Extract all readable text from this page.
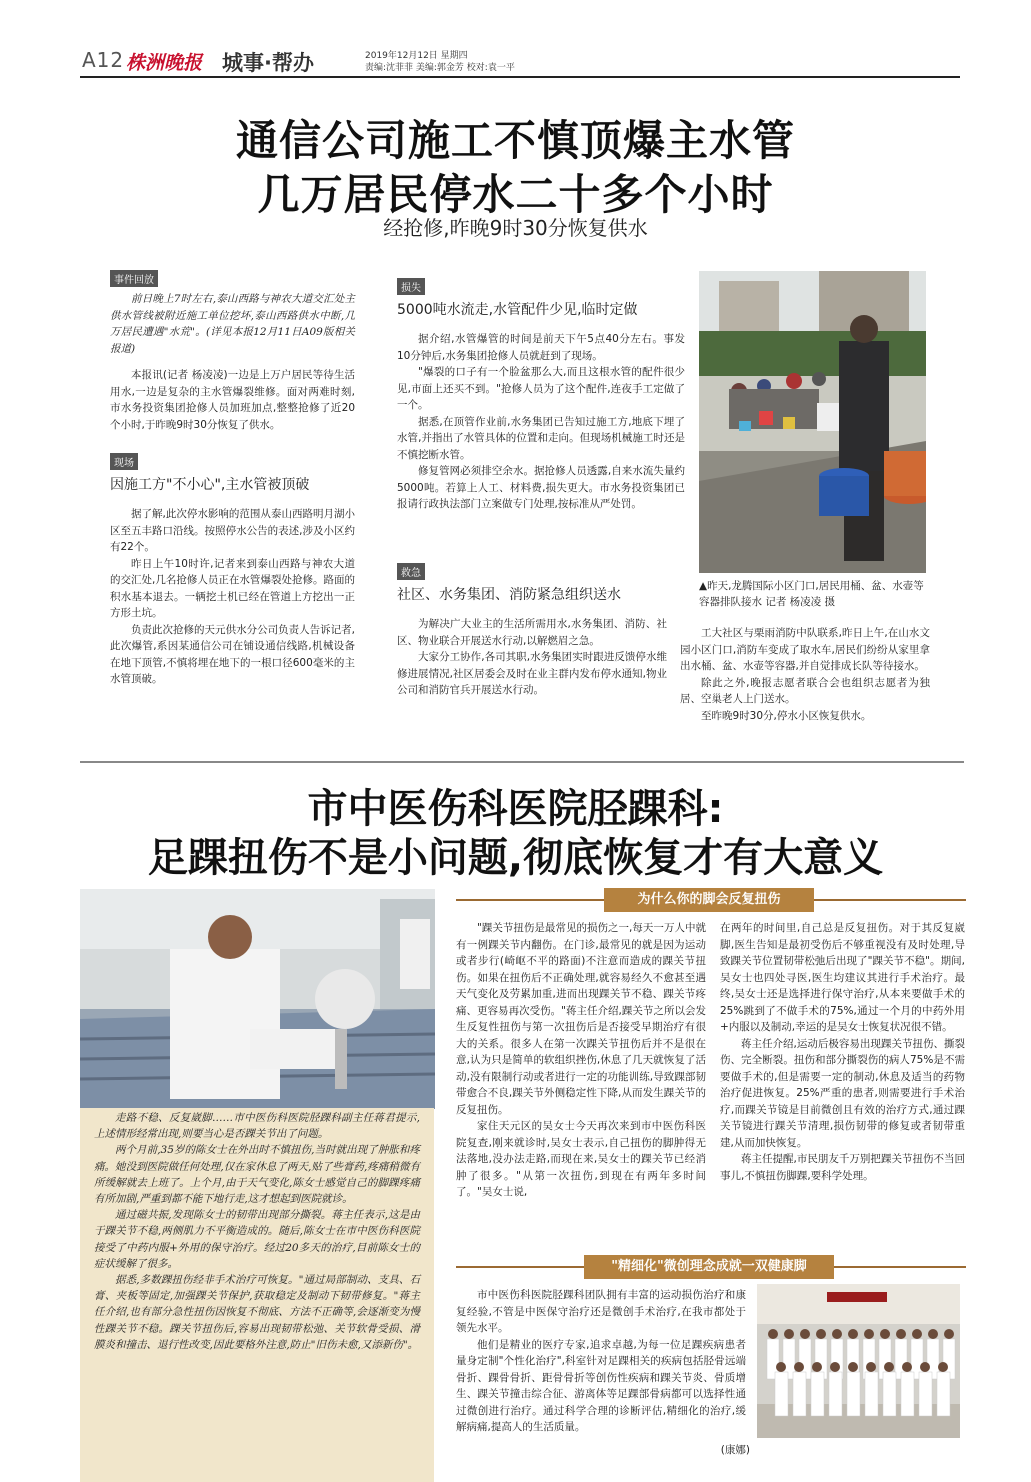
A12 株洲晚报 城事·帮办	2019年12月12日 星期四
责编:沈菲菲 美编:郭金芳 校对:袁一平
通信公司施工不慎顶爆主水管
几万居民停水二十多个小时
经抢修,昨晚9时30分恢复供水
事件回放
前日晚上7时左右,泰山西路与神农大道交汇处主供水管线被附近施工单位挖坏,泰山西路供水中断,几万居民遭遇"水荒"。(详见本报12月11日A09版相关报道)

本报讯(记者 杨凌凌)一边是上万户居民等待生活用水,一边是复杂的主水管爆裂维修。面对两难时刻,市水务投资集团抢修人员加班加点,整整抢修了近20个小时,于昨晚9时30分恢复了供水。

现场
因施工方"不小心",主水管被顶破

据了解,此次停水影响的范围从泰山西路明月湖小区至五丰路口沿线。按照停水公告的表述,涉及小区约有22个。

昨日上午10时许,记者来到泰山西路与神农大道的交汇处,几名抢修人员正在水管爆裂处抢修。路面的积水基本退去。一辆挖土机已经在管道上方挖出一正方形土坑。

负责此次抢修的天元供水分公司负责人告诉记者,此次爆管,系因某通信公司在铺设通信线路,机械设备在地下顶管,不慎将埋在地下的一根口径600毫米的主水管顶破。

损失
5000吨水流走,水管配件少见,临时定做

据介绍,水管爆管的时间是前天下午5点40分左右。事发10分钟后,水务集团抢修人员就赶到了现场。

"爆裂的口子有一个脸盆那么大,而且这根水管的配件很少见,市面上还买不到。"抢修人员为了这个配件,连夜手工定做了一个。

据悉,在顶管作业前,水务集团已告知过施工方,地底下埋了水管,并指出了水管具体的位置和走向。但现场机械施工时还是不慎挖断水管。

修复管网必须排空余水。据抢修人员透露,自来水流失量约5000吨。若算上人工、材料费,损失更大。市水务投资集团已报请行政执法部门立案做专门处理,按标准从严处罚。

救急
社区、水务集团、消防紧急组织送水

为解决广大业主的生活所需用水,水务集团、消防、社区、物业联合开展送水行动,以解燃眉之急。

大家分工协作,各司其职,水务集团实时跟进反馈停水维修进展情况,社区居委会及时在业主群内发布停水通知,物业公司和消防官兵开展送水行动。

工大社区与栗雨消防中队联系,昨日上午,在山水文园小区门口,消防车变成了取水车,居民们纷纷从家里拿出水桶、盆、水壶等容器,并自觉排成长队等待接水。

除此之外,晚报志愿者联合会也组织志愿者为独居、空巢老人上门送水。

至昨晚9时30分,停水小区恢复供水。

▲昨天,龙腾国际小区门口,居民用桶、盆、水壶等容器排队接水 记者 杨凌凌 摄
市中医伤科医院胫踝科:
足踝扭伤不是小问题,彻底恢复才有大意义

走路不稳、反复崴脚……市中医伤科医院胫踝科副主任蒋君提示,上述情形经常出现,则要当心是否踝关节出了问题。

两个月前,35岁的陈女士在外出时不慎扭伤,当时就出现了肿胀和疼痛。她没到医院做任何处理,仅在家休息了两天,贴了些膏药,疼痛稍微有所缓解就去上班了。上个月,由于天气变化,陈女士感觉自己的脚踝疼痛有所加剧,严重到都不能下地行走,这才想起到医院就诊。

通过磁共振,发现陈女士的韧带出现部分撕裂。蒋主任表示,这是由于踝关节不稳,两侧肌力不平衡造成的。随后,陈女士在市中医伤科医院接受了中药内服+外用的保守治疗。经过20多天的治疗,目前陈女士的症状缓解了很多。

据悉,多数踝扭伤经非手术治疗可恢复。"通过局部制动、支具、石膏、夹板等固定,加强踝关节保护,获取稳定及制动下韧带修复。"蒋主任介绍,也有部分急性扭伤因恢复不彻底、方法不正确等,会逐渐变为慢性踝关节不稳。踝关节扭伤后,容易出现韧带松弛、关节软骨受损、滑膜炎和撞击、退行性改变,因此要格外注意,防止"旧伤未愈,又添新伤"。

为什么你的脚会反复扭伤

"踝关节扭伤是最常见的损伤之一,每天一万人中就有一例踝关节内翻伤。在门诊,最常见的就是因为运动或者步行(崎岖不平的路面)不注意而造成的踝关节扭伤。如果在扭伤后不正确处理,就容易经久不愈甚至遇天气变化及劳累加重,进而出现踝关节不稳、踝关节疼痛、更容易再次受伤。"蒋主任介绍,踝关节之所以会发生反复性扭伤与第一次扭伤后是否接受早期治疗有很大的关系。很多人在第一次踝关节扭伤后并不是很在意,认为只是简单的软组织挫伤,休息了几天就恢复了活动,没有限制行动或者进行一定的功能训练,导致踝部韧带愈合不良,踝关节外侧稳定性下降,从而发生踝关节的反复扭伤。

家住天元区的吴女士今天再次来到市中医伤科医院复查,刚来就诊时,吴女士表示,自己扭伤的脚肿得无法落地,没办法走路,而现在来,吴女士的踝关节已经消肿了很多。"从第一次扭伤,到现在有两年多时间了。"吴女士说,

在两年的时间里,自己总是反复扭伤。对于其反复崴脚,医生告知是最初受伤后不够重视没有及时处理,导致踝关节位置韧带松弛后出现了"踝关节不稳"。期间,吴女士也四处寻医,医生均建议其进行手术治疗。最终,吴女士还是选择进行保守治疗,从本来要做手术的25%跳到了不做手术的75%,通过一个月的中药外用+内服以及制动,幸运的是吴女士恢复状况很不错。

蒋主任介绍,运动后极容易出现踝关节扭伤、撕裂伤、完全断裂。扭伤和部分撕裂伤的病人75%是不需要做手术的,但是需要一定的制动,休息及适当的药物治疗促进恢复。25%严重的患者,则需要进行手术治疗,而踝关节镜是目前微创且有效的治疗方式,通过踝关节镜进行踝关节清理,损伤韧带的修复或者韧带重建,从而加快恢复。

蒋主任提醒,市民朋友千万别把踝关节扭伤不当回事儿,不慎扭伤脚踝,要科学处理。

"精细化"微创理念成就一双健康脚

市中医伤科医院胫踝科团队拥有丰富的运动损伤治疗和康复经验,不管是中医保守治疗还是微创手术治疗,在我市都处于领先水平。

他们是精业的医疗专家,追求卓越,为每一位足踝疾病患者量身定制"个性化治疗",科室针对足踝相关的疾病包括胫骨远端骨折、踝骨骨折、距骨骨折等创伤性疾病和踝关节炎、骨质增生、踝关节撞击综合征、游离体等足踝部骨病都可以选择性通过微创进行治疗。通过科学合理的诊断评估,精细化的治疗,缓解病痛,提高人的生活质量。

(康娜)
